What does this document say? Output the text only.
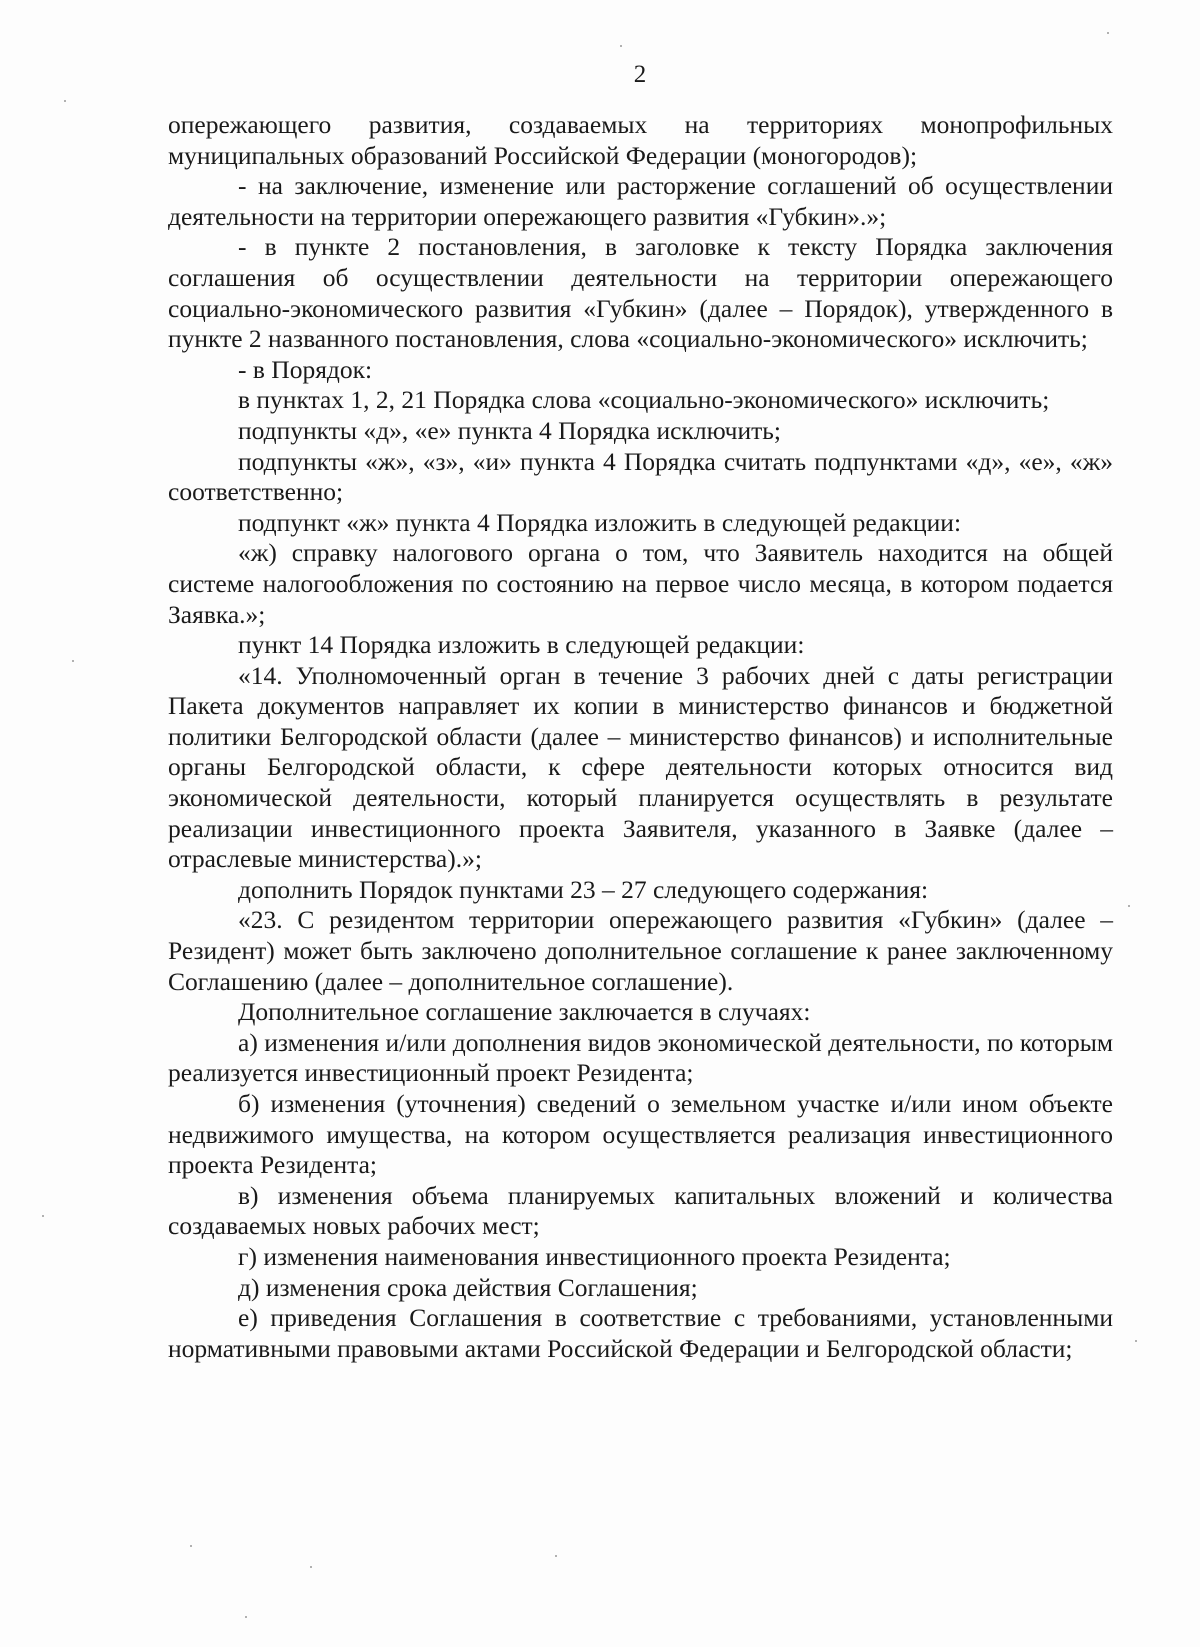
2

опережающего развития, создаваемых на территориях монопрофильных муниципальных образований Российской Федерации (моногородов);

- на заключение, изменение или расторжение соглашений об осуществлении деятельности на территории опережающего развития «Губкин».»;

- в пункте 2 постановления, в заголовке к тексту Порядка заключения соглашения об осуществлении деятельности на территории опережающего социально-экономического развития «Губкин» (далее – Порядок), утвержденного в пункте 2 названного постановления, слова «социально-экономического» исключить;

- в Порядок:

в пунктах 1, 2, 21 Порядка слова «социально-экономического» исключить;

подпункты «д», «е» пункта 4 Порядка исключить;

подпункты «ж», «з», «и» пункта 4 Порядка считать подпунктами «д», «е», «ж» соответственно;

подпункт «ж» пункта 4 Порядка изложить в следующей редакции:

«ж) справку налогового органа о том, что Заявитель находится на общей системе налогообложения по состоянию на первое число месяца, в котором подается Заявка.»;

пункт 14 Порядка изложить в следующей редакции:

«14. Уполномоченный орган в течение 3 рабочих дней с даты регистрации Пакета документов направляет их копии в министерство финансов и бюджетной политики Белгородской области (далее – министерство финансов) и исполнительные органы Белгородской области, к сфере деятельности которых относится вид экономической деятельности, который планируется осуществлять в результате реализации инвестиционного проекта Заявителя, указанного в Заявке (далее – отраслевые министерства).»;

дополнить Порядок пунктами 23 – 27 следующего содержания:

«23. С резидентом территории опережающего развития «Губкин» (далее – Резидент) может быть заключено дополнительное соглашение к ранее заключенному Соглашению (далее – дополнительное соглашение).

Дополнительное соглашение заключается в случаях:

а) изменения и/или дополнения видов экономической деятельности, по которым реализуется инвестиционный проект Резидента;

б) изменения (уточнения) сведений о земельном участке и/или ином объекте недвижимого имущества, на котором осуществляется реализация инвестиционного проекта Резидента;

в) изменения объема планируемых капитальных вложений и количества создаваемых новых рабочих мест;

г) изменения наименования инвестиционного проекта Резидента;

д) изменения срока действия Соглашения;

е) приведения Соглашения в соответствие с требованиями, установленными нормативными правовыми актами Российской Федерации и Белгородской области;
